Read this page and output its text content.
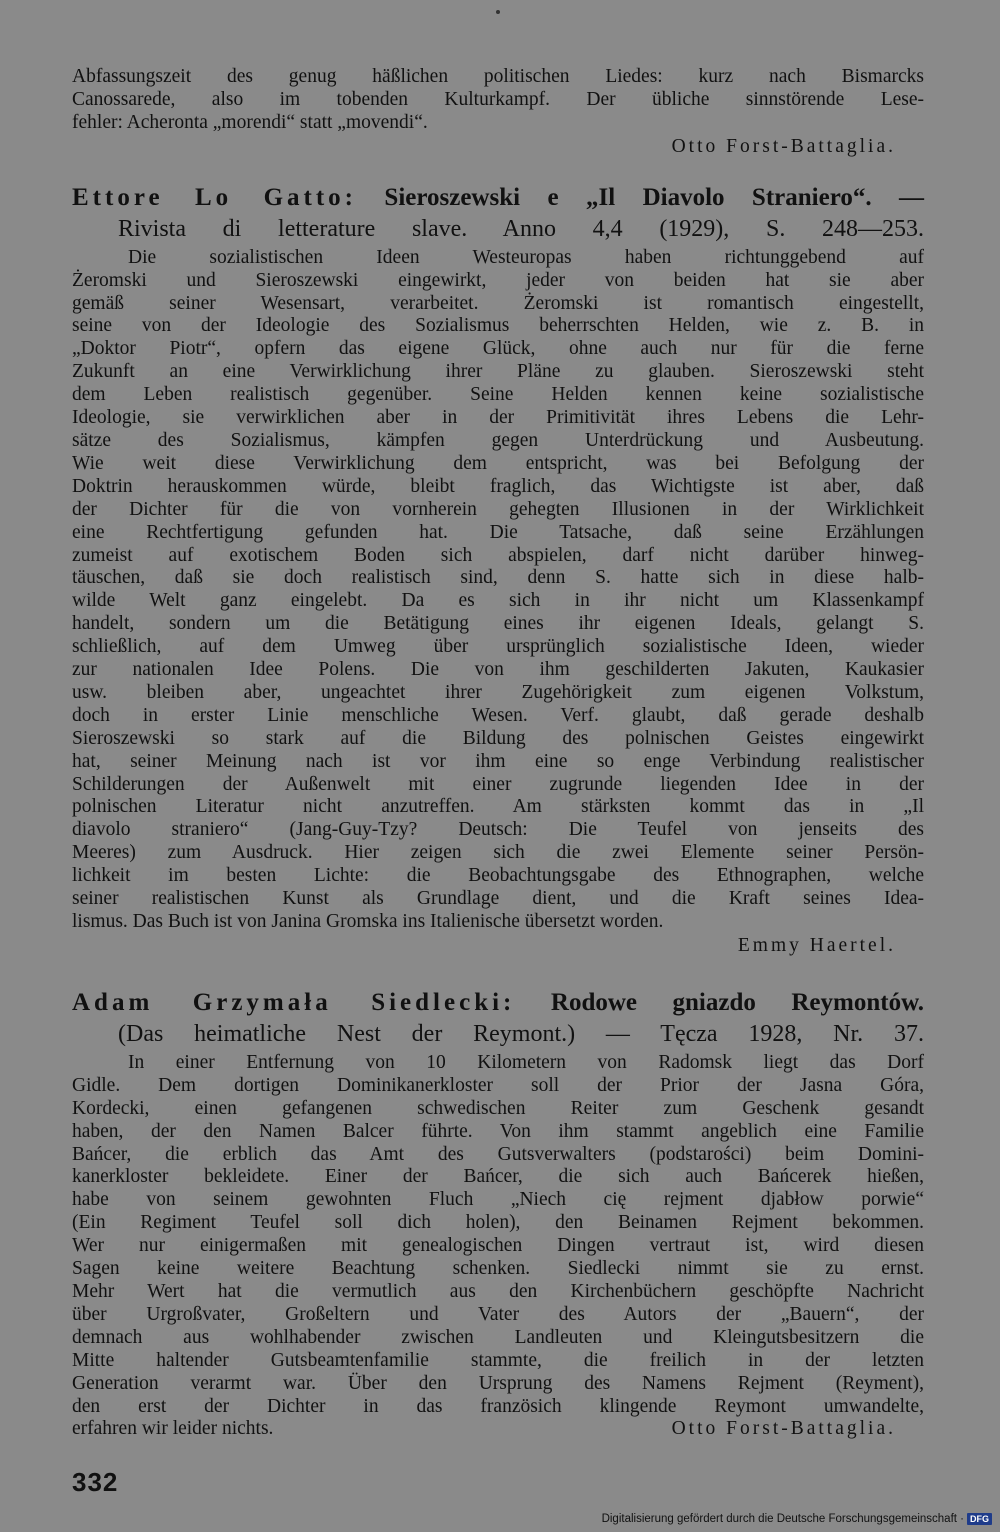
Abfassungszeit des genug häßlichen politischen Liedes: kurz nach Bismarcks

Canossarede, also im tobenden Kulturkampf. Der übliche sinnstörende Lese-

fehler: Acheronta „morendi“ statt „movendi“.

Otto Forst-Battaglia.

Ettore Lo Gatto: Sieroszewski e „Il Diavolo Straniero“. —

Rivista di letterature slave. Anno 4,4 (1929), S. 248—253.

Die sozialistischen Ideen Westeuropas haben richtunggebend auf

Żeromski und Sieroszewski eingewirkt, jeder von beiden hat sie aber

gemäß seiner Wesensart, verarbeitet. Żeromski ist romantisch eingestellt,

seine von der Ideologie des Sozialismus beherrschten Helden, wie z. B. in

„Doktor Piotr“, opfern das eigene Glück, ohne auch nur für die ferne

Zukunft an eine Verwirklichung ihrer Pläne zu glauben. Sieroszewski steht

dem Leben realistisch gegenüber. Seine Helden kennen keine sozialistische

Ideologie, sie verwirklichen aber in der Primitivität ihres Lebens die Lehr-

sätze des Sozialismus, kämpfen gegen Unterdrückung und Ausbeutung.

Wie weit diese Verwirklichung dem entspricht, was bei Befolgung der

Doktrin herauskommen würde, bleibt fraglich, das Wichtigste ist aber, daß

der Dichter für die von vornherein gehegten Illusionen in der Wirklichkeit

eine Rechtfertigung gefunden hat. Die Tatsache, daß seine Erzählungen

zumeist auf exotischem Boden sich abspielen, darf nicht darüber hinweg-

täuschen, daß sie doch realistisch sind, denn S. hatte sich in diese halb-

wilde Welt ganz eingelebt. Da es sich in ihr nicht um Klassenkampf

handelt, sondern um die Betätigung eines ihr eigenen Ideals, gelangt S.

schließlich, auf dem Umweg über ursprünglich sozialistische Ideen, wieder

zur nationalen Idee Polens. Die von ihm geschilderten Jakuten, Kaukasier

usw. bleiben aber, ungeachtet ihrer Zugehörigkeit zum eigenen Volkstum,

doch in erster Linie menschliche Wesen. Verf. glaubt, daß gerade deshalb

Sieroszewski so stark auf die Bildung des polnischen Geistes eingewirkt

hat, seiner Meinung nach ist vor ihm eine so enge Verbindung realistischer

Schilderungen der Außenwelt mit einer zugrunde liegenden Idee in der

polnischen Literatur nicht anzutreffen. Am stärksten kommt das in „Il

diavolo straniero“ (Jang-Guy-Tzy? Deutsch: Die Teufel von jenseits des

Meeres) zum Ausdruck. Hier zeigen sich die zwei Elemente seiner Persön-

lichkeit im besten Lichte: die Beobachtungsgabe des Ethnographen, welche

seiner realistischen Kunst als Grundlage dient, und die Kraft seines Idea-

lismus. Das Buch ist von Janina Gromska ins Italienische übersetzt worden.

Emmy Haertel.

Adam Grzymała Siedlecki: Rodowe gniazdo Reymontów.

(Das heimatliche Nest der Reymont.) — Tęcza 1928, Nr. 37.

In einer Entfernung von 10 Kilometern von Radomsk liegt das Dorf

Gidle. Dem dortigen Dominikanerkloster soll der Prior der Jasna Góra,

Kordecki, einen gefangenen schwedischen Reiter zum Geschenk gesandt

haben, der den Namen Balcer führte. Von ihm stammt angeblich eine Familie

Bańcer, die erblich das Amt des Gutsverwalters (podstarości) beim Domini-

kanerkloster bekleidete. Einer der Bańcer, die sich auch Bańcerek hießen,

habe von seinem gewohnten Fluch „Niech cię rejment djabłow porwie“

(Ein Regiment Teufel soll dich holen), den Beinamen Rejment bekommen.

Wer nur einigermaßen mit genealogischen Dingen vertraut ist, wird diesen

Sagen keine weitere Beachtung schenken. Siedlecki nimmt sie zu ernst.

Mehr Wert hat die vermutlich aus den Kirchenbüchern geschöpfte Nachricht

über Urgroßvater, Großeltern und Vater des Autors der „Bauern“, der

demnach aus wohlhabender zwischen Landleuten und Kleingutsbesitzern die

Mitte haltender Gutsbeamtenfamilie stammte, die freilich in der letzten

Generation verarmt war. Über den Ursprung des Namens Rejment (Reyment),

den erst der Dichter in das französich klingende Reymont umwandelte,

erfahren wir leider nichts.	Otto Forst-Battaglia.

332
Digitalisierung gefördert durch die Deutsche Forschungsgemeinschaft · DFG
